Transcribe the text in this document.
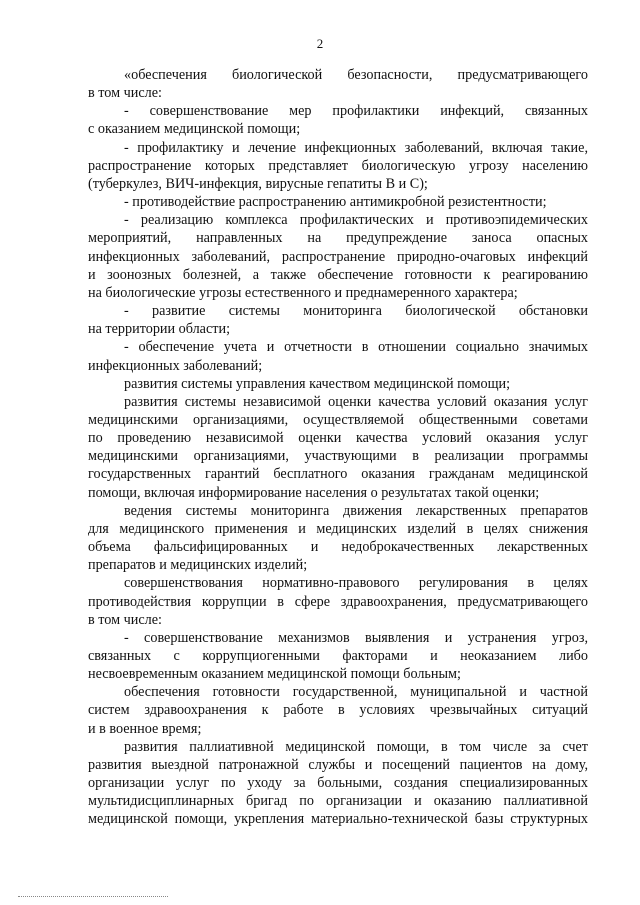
2
«обеспечения биологической безопасности, предусматривающего
в том числе:
- совершенствование мер профилактики инфекций, связанных
с оказанием медицинской помощи;
- профилактику и лечение инфекционных заболеваний, включая такие,
распространение которых представляет биологическую угрозу населению
(туберкулез, ВИЧ-инфекция, вирусные гепатиты В и С);
- противодействие распространению антимикробной резистентности;
- реализацию комплекса профилактических и противоэпидемических
мероприятий, направленных на предупреждение заноса опасных
инфекционных заболеваний, распространение природно-очаговых инфекций
и зоонозных болезней, а также обеспечение готовности к реагированию
на биологические угрозы естественного и преднамеренного характера;
- развитие системы мониторинга биологической обстановки
на территории области;
- обеспечение учета и отчетности в отношении социально значимых
инфекционных заболеваний;
развития системы управления качеством медицинской помощи;
развития системы независимой оценки качества условий оказания услуг
медицинскими организациями, осуществляемой общественными советами
по проведению независимой оценки качества условий оказания услуг
медицинскими организациями, участвующими в реализации программы
государственных гарантий бесплатного оказания гражданам медицинской
помощи, включая информирование населения о результатах такой оценки;
ведения системы мониторинга движения лекарственных препаратов
для медицинского применения и медицинских изделий в целях снижения
объема фальсифицированных и недоброкачественных лекарственных
препаратов и медицинских изделий;
совершенствования нормативно-правового регулирования в целях
противодействия коррупции в сфере здравоохранения, предусматривающего
в том числе:
- совершенствование механизмов выявления и устранения угроз,
связанных с коррупциогенными факторами и неоказанием либо
несвоевременным оказанием медицинской помощи больным;
обеспечения готовности государственной, муниципальной и частной
систем здравоохранения к работе в условиях чрезвычайных ситуаций
и в военное время;
развития паллиативной медицинской помощи, в том числе за счет
развития выездной патронажной службы и посещений пациентов на дому,
организации услуг по уходу за больными, создания специализированных
мультидисциплинарных бригад по организации и оказанию паллиативной
медицинской помощи, укрепления материально-технической базы структурных
